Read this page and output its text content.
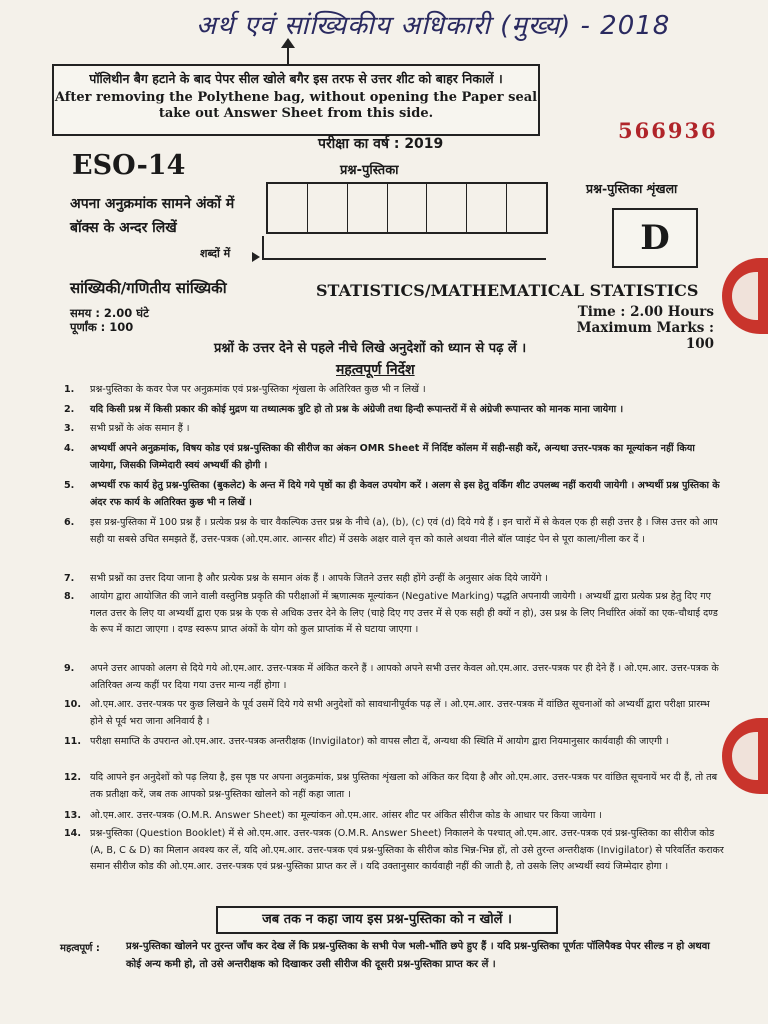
अर्थ एवं सांख्यिकीय अधिकारी (मुख्य) - 2018
पॉलिथीन बैग हटाने के बाद पेपर सील खोले बगैर इस तरफ से उत्तर शीट को बाहर निकालें ।
After removing the Polythene bag, without opening the Paper seal
take out Answer Sheet from this side.
परीक्षा का वर्ष : 2019
566936
ESO-14	प्रश्न-पुस्तिका
प्रश्न-पुस्तिका शृंखला
अपना अनुक्रमांक सामने अंकों में
बॉक्स के अन्दर लिखें
शब्दों में	D
सांख्यिकी/गणितीय सांख्यिकी	STATISTICS/MATHEMATICAL STATISTICS
समय : 2.00 घंटे
पूर्णांक : 100
Time : 2.00 Hours
Maximum Marks : 100
प्रश्नों के उत्तर देने से पहले नीचे लिखे अनुदेशों को ध्यान से पढ़ लें ।
महत्वपूर्ण निर्देश
1. प्रश्न-पुस्तिका के कवर पेज पर अनुक्रमांक एवं प्रश्न-पुस्तिका शृंखला के अतिरिक्त कुछ भी न लिखें ।
2. यदि किसी प्रश्न में किसी प्रकार की कोई मुद्रण या तथ्यात्मक त्रुटि हो तो प्रश्न के अंग्रेजी तथा हिन्दी रूपान्तरों में से अंग्रेजी रूपान्तर को मानक माना जायेगा ।
3. सभी प्रश्नों के अंक समान हैं ।
4. अभ्यर्थी अपने अनुक्रमांक, विषय कोड एवं प्रश्न-पुस्तिका की सीरीज का अंकन OMR Sheet में निर्दिष्ट कॉलम में सही-सही करें, अन्यथा उत्तर-पत्रक का मूल्यांकन नहीं किया जायेगा, जिसकी जिम्मेदारी स्वयं अभ्यर्थी की होगी ।
5. अभ्यर्थी रफ कार्य हेतु प्रश्न-पुस्तिका (बुकलेट) के अन्त में दिये गये पृष्ठों का ही केवल उपयोग करें । अलग से इस हेतु वर्किंग शीट उपलब्ध नहीं करायी जायेगी । अभ्यर्थी प्रश्न पुस्तिका के अंदर रफ कार्य के अतिरिक्त कुछ भी न लिखें ।
6. इस प्रश्न-पुस्तिका में 100 प्रश्न हैं । प्रत्येक प्रश्न के चार वैकल्पिक उत्तर प्रश्न के नीचे (a), (b), (c) एवं (d) दिये गये हैं । इन चारों में से केवल एक ही सही उत्तर है । जिस उत्तर को आप सही या सबसे उचित समझते हैं, उत्तर-पत्रक (ओ.एम.आर. आन्सर शीट) में उसके अक्षर वाले वृत्त को काले अथवा नीले बॉल प्वाइंट पेन से पूरा काला/नीला कर दें ।
7. सभी प्रश्नों का उत्तर दिया जाना है और प्रत्येक प्रश्न के समान अंक हैं । आपके जितने उत्तर सही होंगे उन्हीं के अनुसार अंक दिये जायेंगे ।
8. आयोग द्वारा आयोजित की जाने वाली वस्तुनिष्ठ प्रकृति की परीक्षाओं में ऋणात्मक मूल्यांकन (Negative Marking) पद्धति अपनायी जायेगी । अभ्यर्थी द्वारा प्रत्येक प्रश्न हेतु दिए गए गलत उत्तर के लिए या अभ्यर्थी द्वारा एक प्रश्न के एक से अधिक उत्तर देने के लिए (चाहे दिए गए उत्तर में से एक सही ही क्यों न हो), उस प्रश्न के लिए निर्धारित अंकों का एक-चौथाई दण्ड के रूप में काटा जाएगा । दण्ड स्वरूप प्राप्त अंकों के योग को कुल प्राप्तांक में से घटाया जाएगा ।
9. अपने उत्तर आपको अलग से दिये गये ओ.एम.आर. उत्तर-पत्रक में अंकित करने हैं । आपको अपने सभी उत्तर केवल ओ.एम.आर. उत्तर-पत्रक पर ही देने हैं । ओ.एम.आर. उत्तर-पत्रक के अतिरिक्त अन्य कहीं पर दिया गया उत्तर मान्य नहीं होगा ।
10. ओ.एम.आर. उत्तर-पत्रक पर कुछ लिखने के पूर्व उसमें दिये गये सभी अनुदेशों को सावधानीपूर्वक पढ़ लें । ओ.एम.आर. उत्तर-पत्रक में वांछित सूचनाओं को अभ्यर्थी द्वारा परीक्षा प्रारम्भ होने से पूर्व भरा जाना अनिवार्य है ।
11. परीक्षा समाप्ति के उपरान्त ओ.एम.आर. उत्तर-पत्रक अन्तरीक्षक (Invigilator) को वापस लौटा दें, अन्यथा की स्थिति में आयोग द्वारा नियमानुसार कार्यवाही की जाएगी ।
12. यदि आपने इन अनुदेशों को पढ़ लिया है, इस पृष्ठ पर अपना अनुक्रमांक, प्रश्न पुस्तिका शृंखला को अंकित कर दिया है और ओ.एम.आर. उत्तर-पत्रक पर वांछित सूचनायें भर दी हैं, तो तब तक प्रतीक्षा करें, जब तक आपको प्रश्न-पुस्तिका खोलने को नहीं कहा जाता ।
13. ओ.एम.आर. उत्तर-पत्रक (O.M.R. Answer Sheet) का मूल्यांकन ओ.एम.आर. आंसर शीट पर अंकित सीरीज कोड के आधार पर किया जायेगा ।
14. प्रश्न-पुस्तिका (Question Booklet) में से ओ.एम.आर. उत्तर-पत्रक (O.M.R. Answer Sheet) निकालने के पश्चात् ओ.एम.आर. उत्तर-पत्रक एवं प्रश्न-पुस्तिका का सीरीज कोड (A, B, C & D) का मिलान अवश्य कर लें, यदि ओ.एम.आर. उत्तर-पत्रक एवं प्रश्न-पुस्तिका के सीरीज कोड भिन्न-भिन्न हों, तो उसे तुरन्त अन्तरीक्षक (Invigilator) से परिवर्तित कराकर समान सीरीज कोड की ओ.एम.आर. उत्तर-पत्रक एवं प्रश्न-पुस्तिका प्राप्त कर लें । यदि उक्तानुसार कार्यवाही नहीं की जाती है, तो उसके लिए अभ्यर्थी स्वयं जिम्मेदार होगा ।
जब तक न कहा जाय इस प्रश्न-पुस्तिका को न खोलें ।
महत्वपूर्ण :	प्रश्न-पुस्तिका खोलने पर तुरन्त जाँच कर देख लें कि प्रश्न-पुस्तिका के सभी पेज भली-भाँति छपे हुए हैं । यदि प्रश्न-पुस्तिका पूर्णतः पॉलिपैक्ड पेपर सील्ड न हो अथवा कोई अन्य कमी हो, तो उसे अन्तरीक्षक को दिखाकर उसी सीरीज की दूसरी प्रश्न-पुस्तिका प्राप्त कर लें ।
